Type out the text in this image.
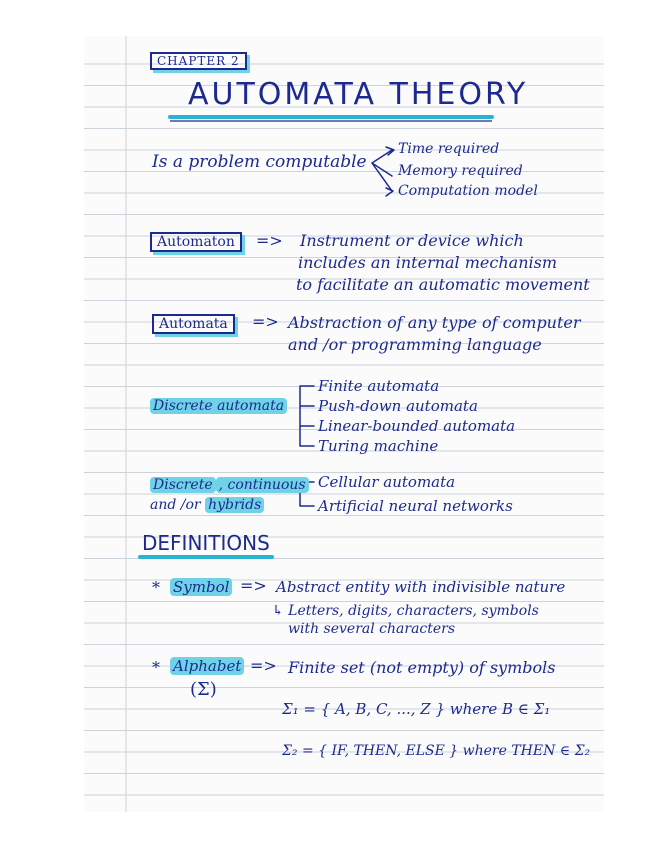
CHAPTER 2
AUTOMATA THEORY
Is a problem computable
Time required
Memory required
Computation model
Automaton	=> Instrument or device which
includes an internal mechanism
to facilitate an automatic movement
Automata	=> Abstraction of any type of computer
and /or programming language
Discrete automata
Finite automata
Push-down automata
Linear-bounded automata
Turing machine
Discrete , continuous
and /or hybrids
Cellular automata
Artificial neural networks
DEFINITIONS
* Symbol => Abstract entity with indivisible nature
↳ Letters, digits, characters, symbols
with several characters
* Alphabet
(Σ)
=> Finite set (not empty) of symbols
Σ₁ = { A, B, C, ..., Z } where B ∈ Σ₁
Σ₂ = { IF, THEN, ELSE } where THEN ∈ Σ₂
